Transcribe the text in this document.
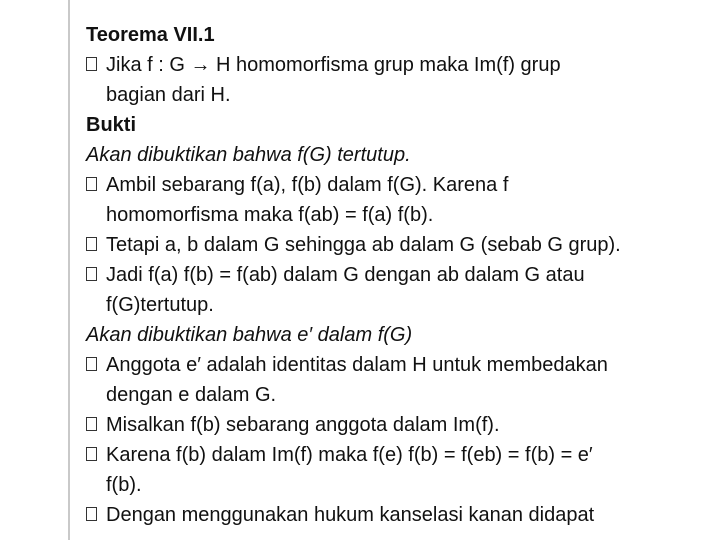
Teorema VII.1
Jika f : G → H homomorfisma grup maka Im(f) grup
bagian dari H.
Bukti
Akan dibuktikan bahwa f(G) tertutup.
Ambil sebarang f(a), f(b) dalam f(G). Karena f
homomorfisma maka f(ab) = f(a) f(b).
Tetapi a, b dalam G sehingga ab dalam G (sebab G grup).
Jadi f(a) f(b) = f(ab) dalam G dengan ab dalam G atau
f(G)tertutup.
Akan dibuktikan bahwa e′ dalam f(G)
Anggota e′ adalah identitas dalam H untuk membedakan
dengan e dalam G.
Misalkan f(b) sebarang anggota dalam Im(f).
Karena f(b) dalam Im(f) maka f(e) f(b) = f(eb) = f(b) = e′
f(b).
Dengan menggunakan hukum kanselasi kanan didapat
